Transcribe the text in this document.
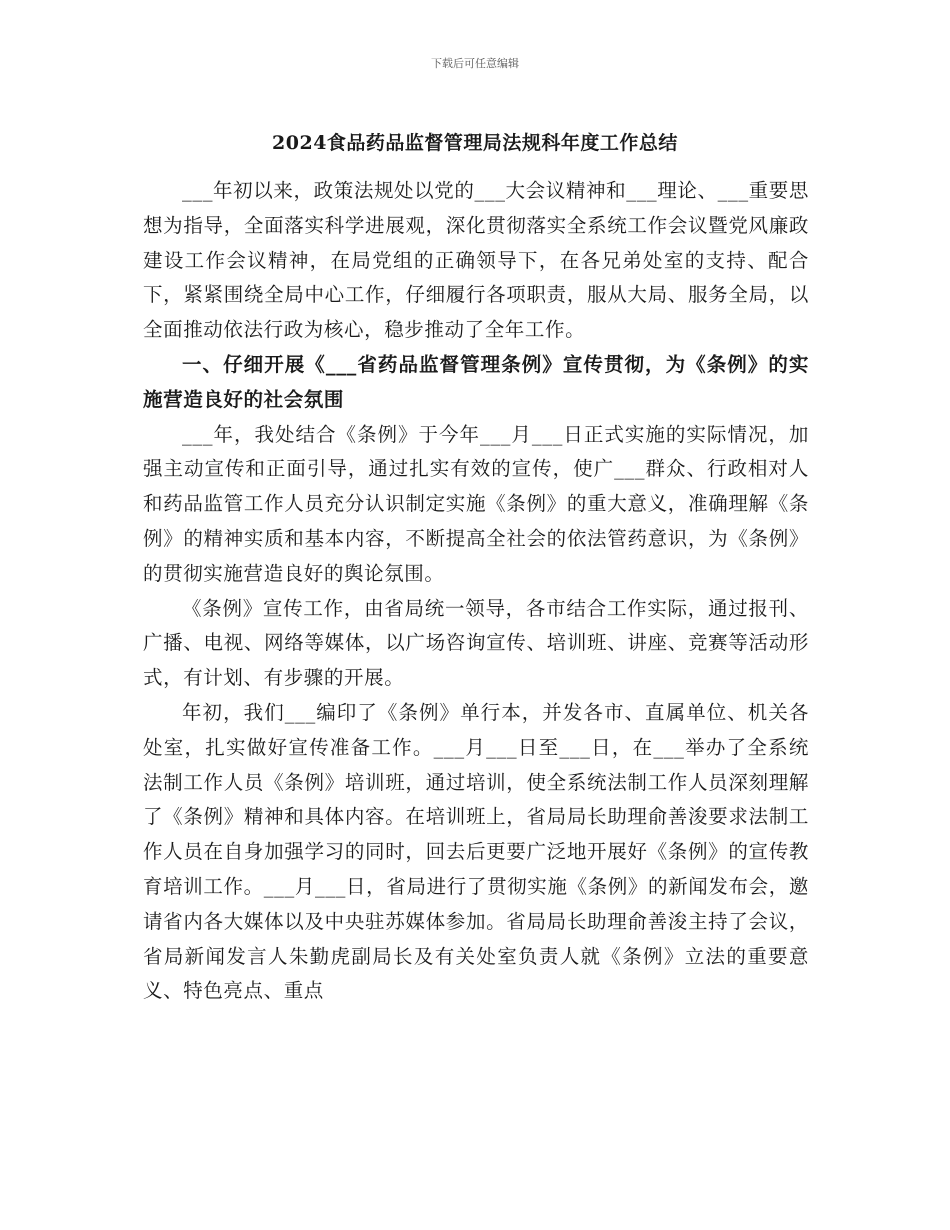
下载后可任意编辑
2024食品药品监督管理局法规科年度工作总结

___年初以来，政策法规处以党的___大会议精神和___理论、___重要思想为指导，全面落实科学进展观，深化贯彻落实全系统工作会议暨党风廉政建设工作会议精神，在局党组的正确领导下，在各兄弟处室的支持、配合下，紧紧围绕全局中心工作，仔细履行各项职责，服从大局、服务全局，以全面推动依法行政为核心，稳步推动了全年工作。

一、仔细开展《___省药品监督管理条例》宣传贯彻，为《条例》的实施营造良好的社会氛围

___年，我处结合《条例》于今年___月___日正式实施的实际情况，加强主动宣传和正面引导，通过扎实有效的宣传，使广___群众、行政相对人和药品监管工作人员充分认识制定实施《条例》的重大意义，准确理解《条例》的精神实质和基本内容，不断提高全社会的依法管药意识，为《条例》的贯彻实施营造良好的舆论氛围。

《条例》宣传工作，由省局统一领导，各市结合工作实际，通过报刊、广播、电视、网络等媒体，以广场咨询宣传、培训班、讲座、竞赛等活动形式，有计划、有步骤的开展。

年初，我们___编印了《条例》单行本，并发各市、直属单位、机关各处室，扎实做好宣传准备工作。___月___日至___日，在___举办了全系统法制工作人员《条例》培训班，通过培训，使全系统法制工作人员深刻理解了《条例》精神和具体内容。在培训班上，省局局长助理俞善浚要求法制工作人员在自身加强学习的同时，回去后更要广泛地开展好《条例》的宣传教育培训工作。___月___日，省局进行了贯彻实施《条例》的新闻发布会，邀请省内各大媒体以及中央驻苏媒体参加。省局局长助理俞善浚主持了会议，省局新闻发言人朱勤虎副局长及有关处室负责人就《条例》立法的重要意义、特色亮点、重点
